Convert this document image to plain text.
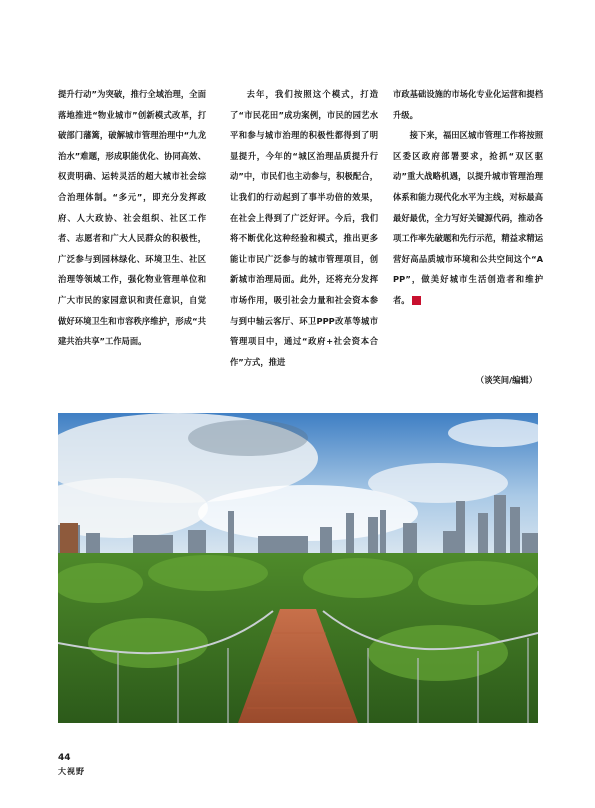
提升行动”为突破，推行全域治理，全面落地推进“物业城市”创新模式改革，打破部门藩篱，破解城市管理治理中“九龙治水”难题，形成职能优化、协同高效、权责明确、运转灵活的超大城市社会综合治理体制。“多元”，即充分发挥政府、人大政协、社会组织、社区工作者、志愿者和广大人民群众的积极性，广泛参与到园林绿化、环境卫生、社区治理等领域工作，强化物业管理单位和广大市民的家园意识和责任意识，自觉做好环境卫生和市容秩序维护，形成“共建共治共享”工作局面。

去年，我们按照这个模式，打造了“市民花田”成功案例，市民的园艺水平和参与城市治理的积极性都得到了明显提升，今年的“城区治理品质提升行动”中，市民们也主动参与，积极配合，让我们的行动起到了事半功倍的效果，在社会上得到了广泛好评。今后，我们将不断优化这种经验和模式，推出更多能让市民广泛参与的城市管理项目，创新城市治理局面。此外，还将充分发挥市场作用，吸引社会力量和社会资本参与到中轴云客厅、环卫PPP改革等城市管理项目中，通过“政府+社会资本合作”方式，推进

市政基础设施的市场化专业化运营和提档升级。

接下来，福田区城市管理工作将按照区委区政府部署要求，抢抓“双区驱动”重大战略机遇，以提升城市管理治理体系和能力现代化水平为主线，对标最高最好最优，全力写好关键源代码，推动各项工作率先破题和先行示范，精益求精运营好高品质城市环境和公共空间这个“APP”，做美好城市生活创造者和维护者。	V

（谈笑间/编辑）
44
大视野
